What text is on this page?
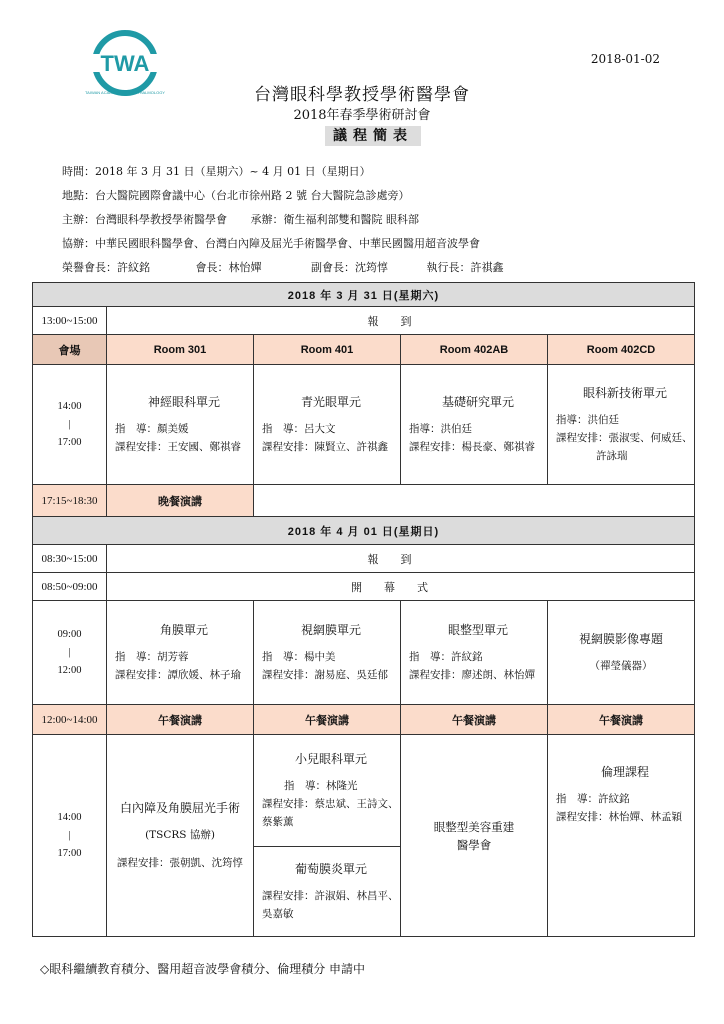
TWA
TAIWAN ACADEMY OF OPHTHALMOLOGY
2018-01-02
台灣眼科學教授學術醫學會
2018年春季學術研討會
議程簡表
時間：2018 年 3 月 31 日（星期六）~ 4 月 01 日（星期日）
地點：台大醫院國際會議中心（台北市徐州路 2 號 台大醫院急診處旁）
主辦：台灣眼科學教授學術醫學會 承辦：衛生福利部雙和醫院 眼科部
協辦：中華民國眼科醫學會、台灣白內障及屈光手術醫學會、中華民國醫用超音波學會
榮譽會長：許紋銘	會長：林怡嬋	副會長：沈筠惇	執行長：許祺鑫
2018 年 3 月 31 日(星期六)				
13:00~15:00	報到			
會場	Room 301	Room 401	Room 402AB	Room 402CD

14:00
|
17:00	神經眼科單元
指　導：顏美媛
課程安排：王安國、鄭祺睿	青光眼單元
指　導：呂大文
課程安排：陳賢立、許祺鑫	基礎研究單元
指導：洪伯廷
課程安排：楊長豪、鄭祺睿	眼科新技術單元
指導：洪伯廷
課程安排：張淑雯、何威廷、
許詠瑞

17:15~18:30	晚餐演講			
2018 年 4 月 01 日(星期日)				
08:30~15:00	報到			
08:50~09:00	開幕式			

09:00
|
12:00	角膜單元
指　導：胡芳蓉
課程安排：譚欣媛、林子瑜	視網膜單元
指　導：楊中美
課程安排：謝易庭、吳廷郁	眼整型單元
指　導：許紋銘
課程安排：廖述朗、林怡嬋	視網膜影像專題
（禪瑩儀器）

12:00~14:00	午餐演講	午餐演講	午餐演講	午餐演講

14:00
|
17:00	白內障及角膜屈光手術
(TSCRS 協辦)
課程安排：張朝凱、沈筠惇	小兒眼科單元
指　導：林隆光
課程安排：蔡忠斌、王詩文、
蔡紫薰	眼整型美容重建
醫學會	倫理課程
指　導：許紋銘
課程安排：林怡嬋、林孟穎

		葡萄膜炎單元
課程安排：許淑娟、林昌平、
吳嘉敏		
◇眼科繼續教育積分、醫用超音波學會積分、倫理積分 申請中
